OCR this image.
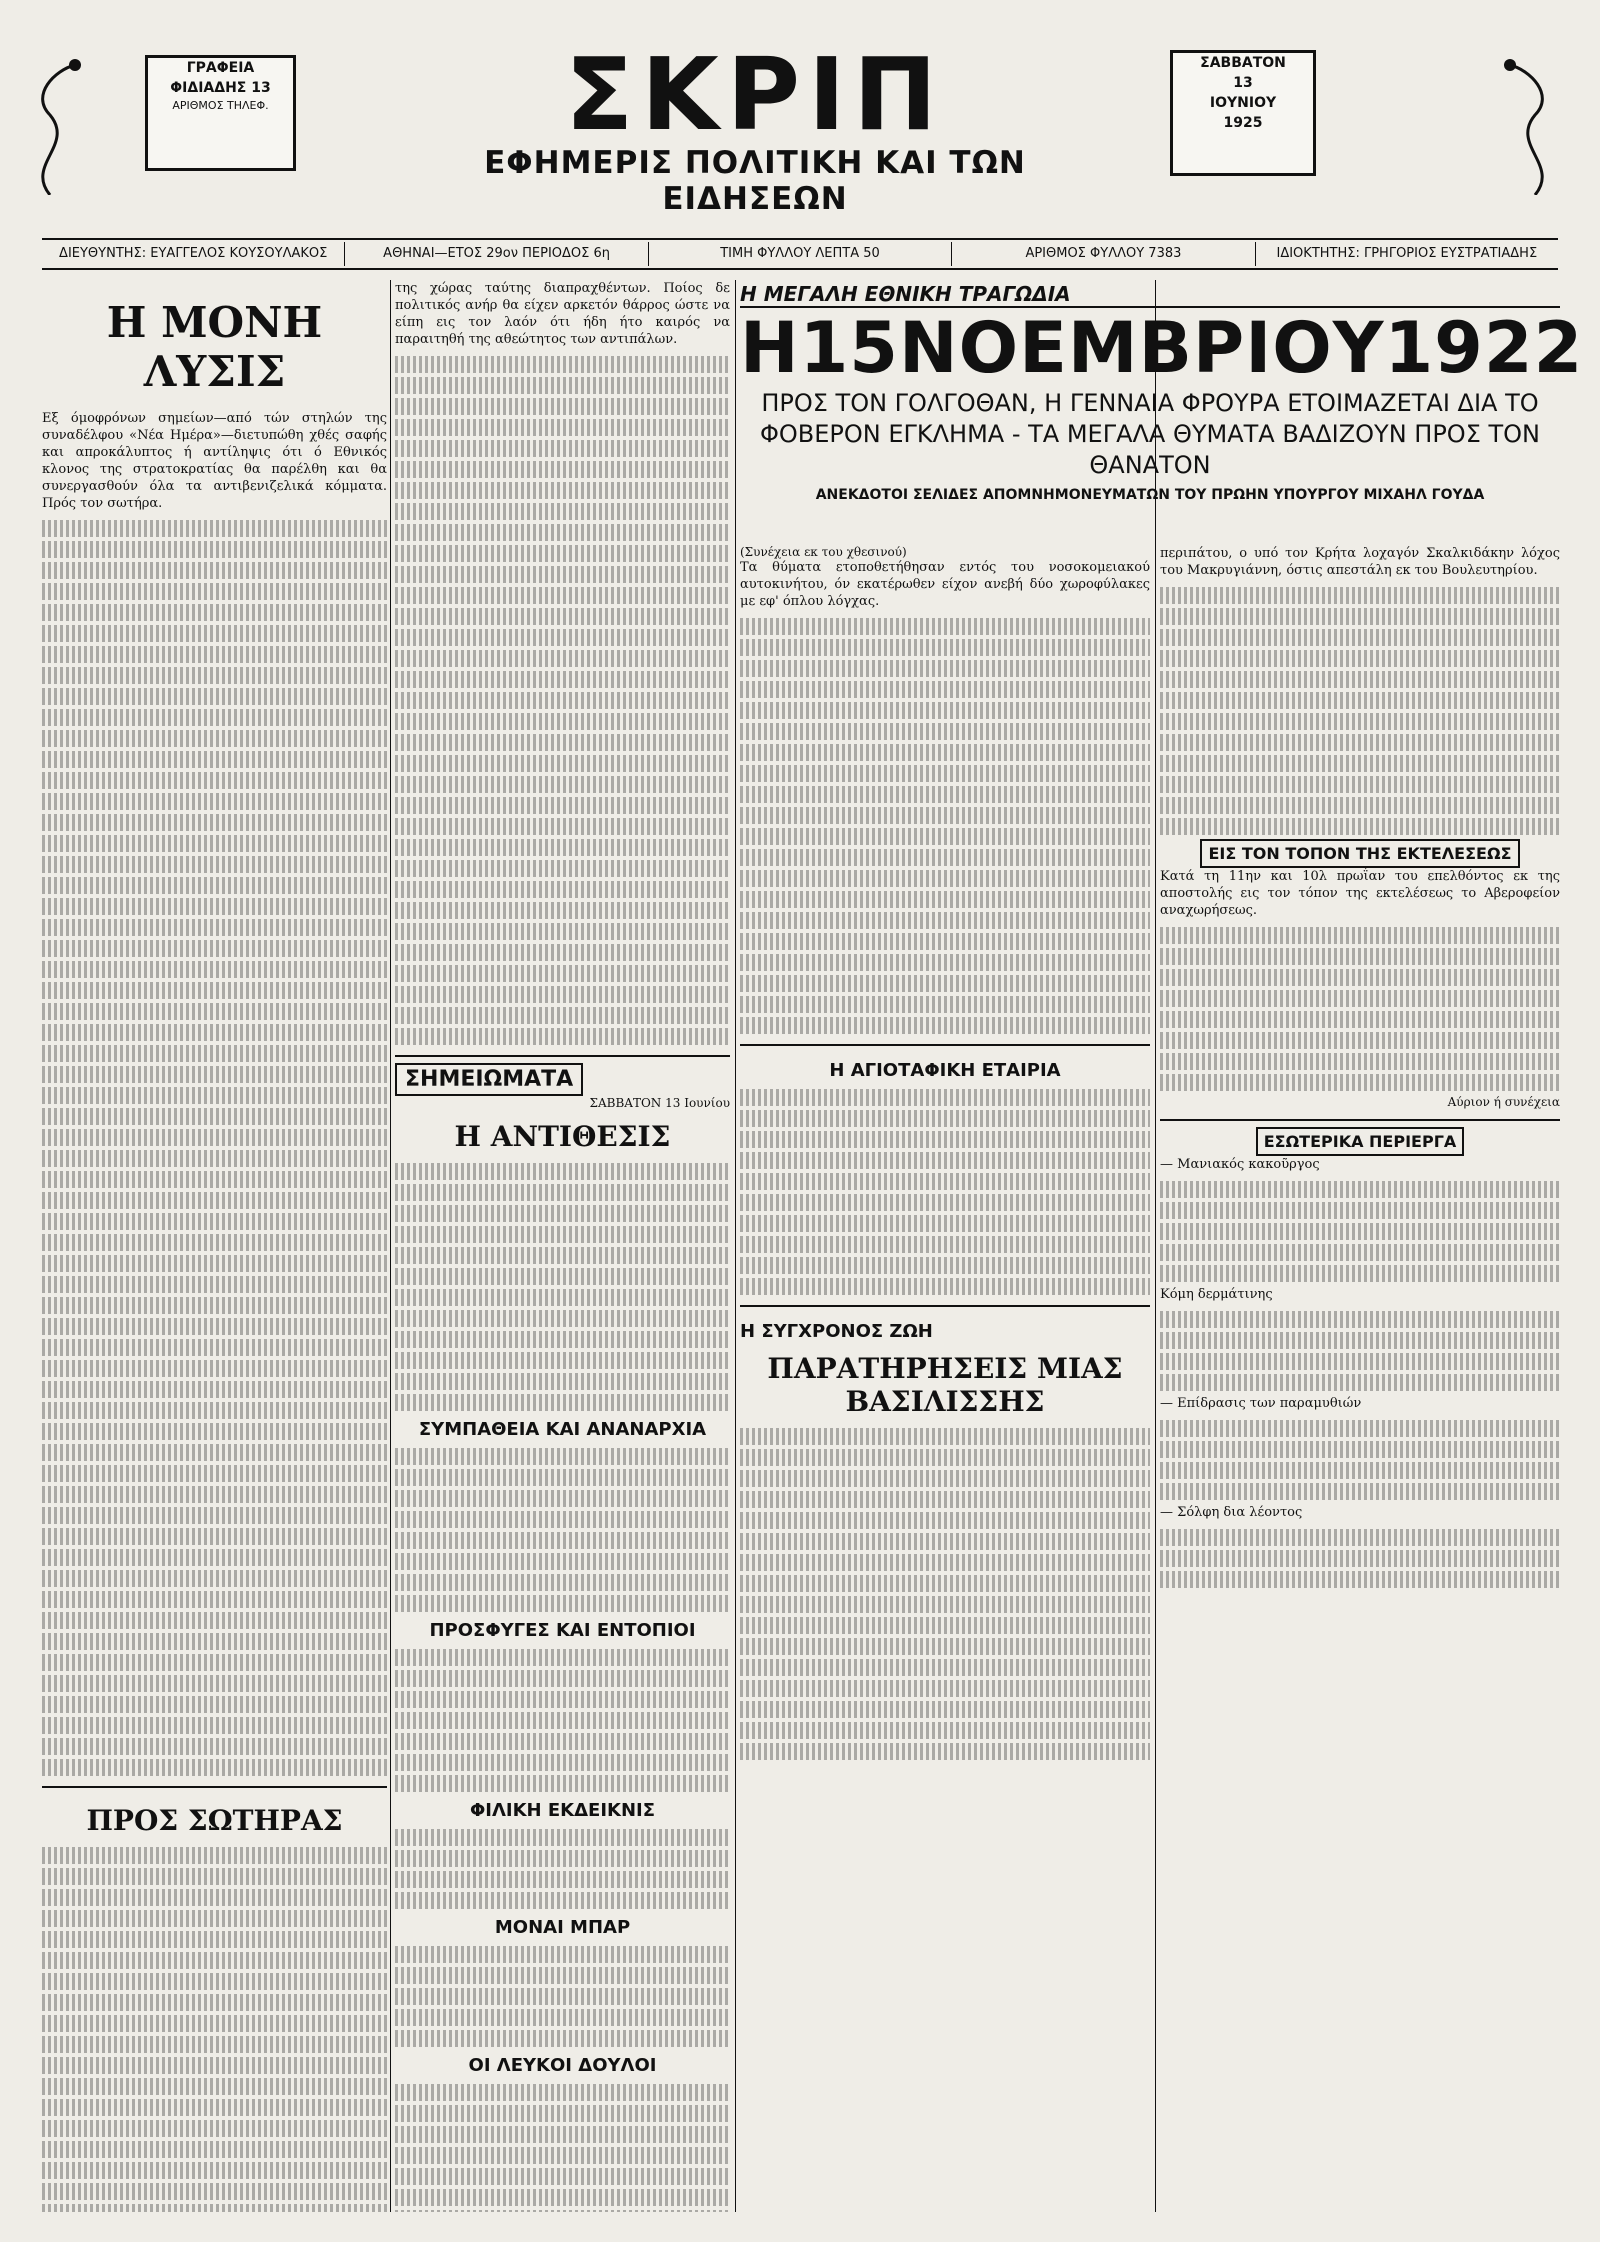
ΓΡΑΦΕΙΑ
ΦΙΔΙΑΔΗΣ 13
ΑΡΙΘΜΟΣ ΤΗΛΕΦ.	ΣΚΡΙΠ
ΕΦΗΜΕΡΙΣ ΠΟΛΙΤΙΚΗ ΚΑΙ ΤΩΝ ΕΙΔΗΣΕΩΝ
ΣΑΒΒΑΤΟΝ
13
ΙΟΥΝΙΟΥ
1925
ΔΙΕΥΘΥΝΤΗΣ: ΕΥΑΓΓΕΛΟΣ ΚΟΥΣΟΥΛΑΚΟΣ	ΑΘΗΝΑΙ—ΕΤΟΣ 29ον ΠΕΡΙΟΔΟΣ 6η	ΤΙΜΗ ΦΥΛΛΟΥ ΛΕΠΤΑ 50	ΑΡΙΘΜΟΣ ΦΥΛΛΟΥ 7383	ΙΔΙΟΚΤΗΤΗΣ: ΓΡΗΓΟΡΙΟΣ ΕΥΣΤΡΑΤΙΑΔΗΣ
Η ΜΟΝΗ ΛΥΣΙΣ

Εξ όμοφρόνων σημείων—από τών στηλών της συναδέλφου «Νέα Ημέρα»—διετυπώθη χθές σαφής και απροκάλυπτος ή αντίληψις ότι ό Εθνικός κλονος της στρατοκρατίας θα παρέλθη και θα συνεργασθούν όλα τα αντιβενιζελικά κόμματα. Πρός τον σωτήρα.

ΠΡΟΣ ΣΩΤΗΡΑΣ

της χώρας ταύτης διαπραχθέντων. Ποίος δε πολιτικός ανήρ θα είχεν αρκετόν θάρρος ώστε να είπη εις τον λαόν ότι ήδη ήτο καιρός να παραιτηθή της αθεώτητος των αντιπάλων.

ΣΗΜΕΙΩΜΑΤΑ
ΣΑΒΒΑΤΟΝ 13 Ιουνίου
Η ΑΝΤΙΘΕΣΙΣ
ΣΥΜΠΑΘΕΙΑ ΚΑΙ ΑΝΑΝΑΡΧΙΑ
ΠΡΟΣΦΥΓΕΣ ΚΑΙ ΕΝΤΟΠΙΟΙ
ΦΙΛΙΚΗ ΕΚΔΕΙΚΝΙΣ
ΜΟΝΑΙ ΜΠΑΡ
ΟΙ ΛΕΥΚΟΙ ΔΟΥΛΟΙ
Η ΜΕΓΑΛΗ ΕΘΝΙΚΗ ΤΡΑΓΩΔΙΑ
Η15ΝΟΕΜΒΡΙΟΥ1922
ΠΡΟΣ ΤΟΝ ΓΟΛΓΟΘΑΝ, Η ΓΕΝΝΑΙΑ ΦΡΟΥΡΑ ΕΤΟΙΜΑΖΕΤΑΙ ΔΙΑ ΤΟ ΦΟΒΕΡΟΝ ΕΓΚΛΗΜΑ - ΤΑ ΜΕΓΑΛΑ ΘΥΜΑΤΑ ΒΑΔΙΖΟΥΝ ΠΡΟΣ ΤΟΝ ΘΑΝΑΤΟΝ
ΑΝΕΚΔΟΤΟΙ ΣΕΛΙΔΕΣ ΑΠΟΜΝΗΜΟΝΕΥΜΑΤΩΝ ΤΟΥ ΠΡΩΗΝ ΥΠΟΥΡΓΟΥ ΜΙΧΑΗΛ ΓΟΥΔΑ
(Συνέχεια εκ του χθεσινού)

Τα θύματα ετοποθετήθησαν εντός του νοσοκομειακού αυτοκινήτου, όν εκατέρωθεν είχον ανεβή δύο χωροφύλακες με εφ' όπλου λόγχας.

Η ΑΓΙΟΤΑΦΙΚΗ ΕΤΑΙΡΙΑ
Η ΣΥΓΧΡΟΝΟΣ ΖΩΗ
ΠΑΡΑΤΗΡΗΣΕΙΣ ΜΙΑΣ ΒΑΣΙΛΙΣΣΗΣ

περιπάτου, ο υπό τον Κρήτα λοχαγόν Σκαλκιδάκην λόχος του Μακρυγιάννη, όστις απεστάλη εκ του Βουλευτηρίου.

ΕΙΣ ΤΟΝ ΤΟΠΟΝ ΤΗΣ ΕΚΤΕΛΕΣΕΩΣ

Κατά τη 11ην και 10λ πρωΐαν του επελθόντος εκ της αποστολής εις τον τόπον της εκτελέσεως το Αβεροφείον αναχωρήσεως.

Αύριον ή συνέχεια
ΕΣΩΤΕΡΙΚΑ ΠΕΡΙΕΡΓΑ

— Μανιακός κακοῦργος

Κόμη δερμάτινης

— Επίδρασις των παραμυθιών

— Σόλφη δια λέοντος
